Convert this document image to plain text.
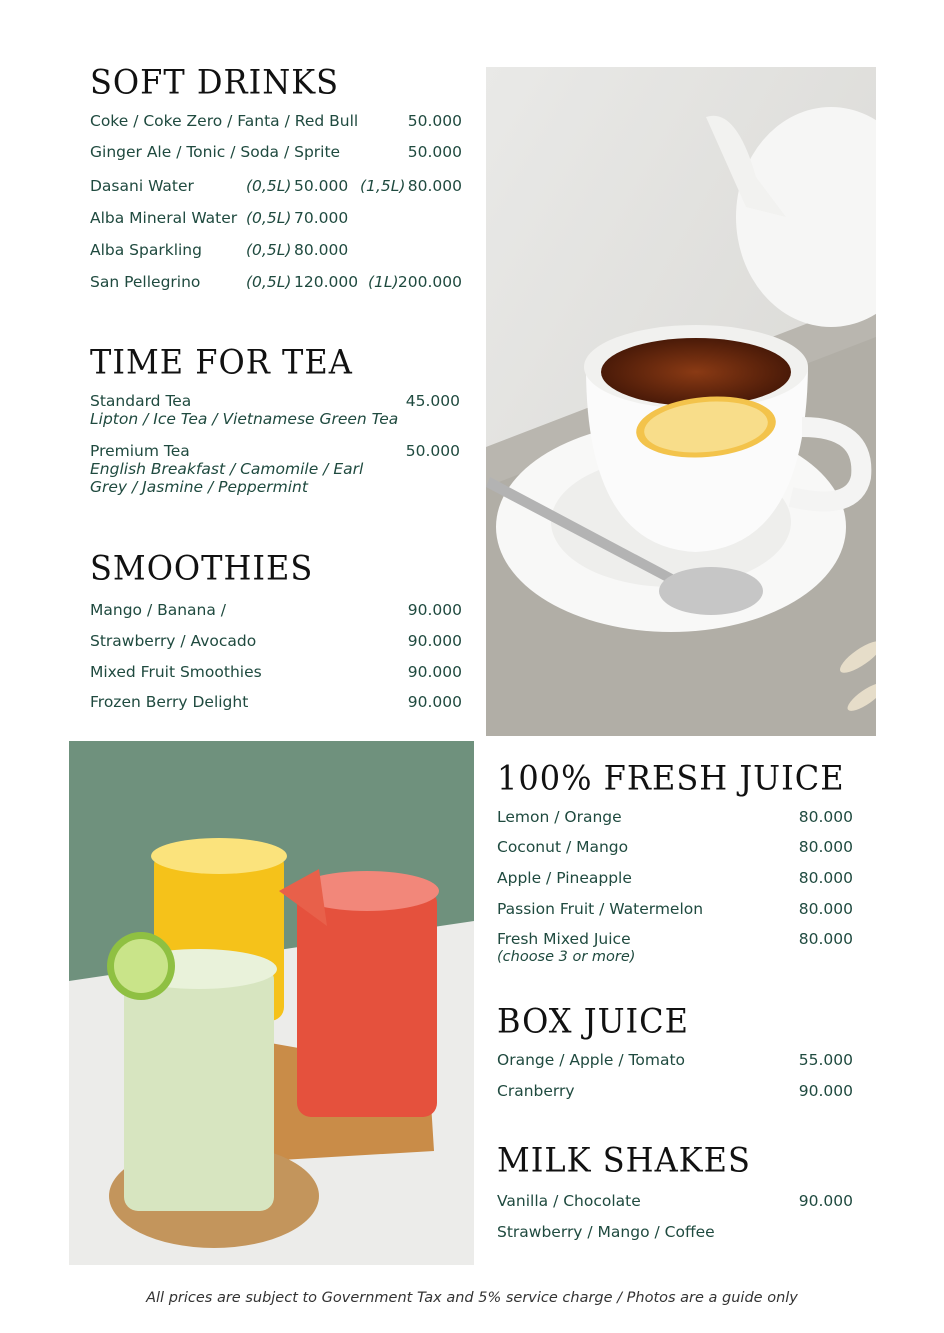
SOFT DRINKS
Coke / Coke Zero / Fanta / Red Bull	50.000
Ginger Ale / Tonic / Soda / Sprite	50.000
Dasani Water	(0,5L) 50.000 (1,5L) 80.000
Alba Mineral Water (0,5L) 70.000
Alba Sparkling	(0,5L) 80.000
San Pellegrino	(0,5L) 120.000 (1L) 200.000
TIME FOR TEA
Standard Tea	45.000
Lipton / Ice Tea / Vietnamese Green Tea
Premium Tea	50.000
English Breakfast / Camomile / Earl Grey / Jasmine / Peppermint
SMOOTHIES
Mango / Banana /	90.000
Strawberry / Avocado	90.000
Mixed Fruit Smoothies	90.000
Frozen Berry Delight	90.000
100% FRESH JUICE
Lemon / Orange	80.000
Coconut / Mango	80.000
Apple / Pineapple	80.000
Passion Fruit / Watermelon	80.000
Fresh Mixed Juice	80.000
(choose 3 or more)
BOX JUICE
Orange / Apple / Tomato	55.000
Cranberry	90.000
MILK SHAKES
Vanilla / Chocolate	90.000
Strawberry / Mango / Coffee
All prices are subject to Government Tax and 5% service charge / Photos are a guide only
